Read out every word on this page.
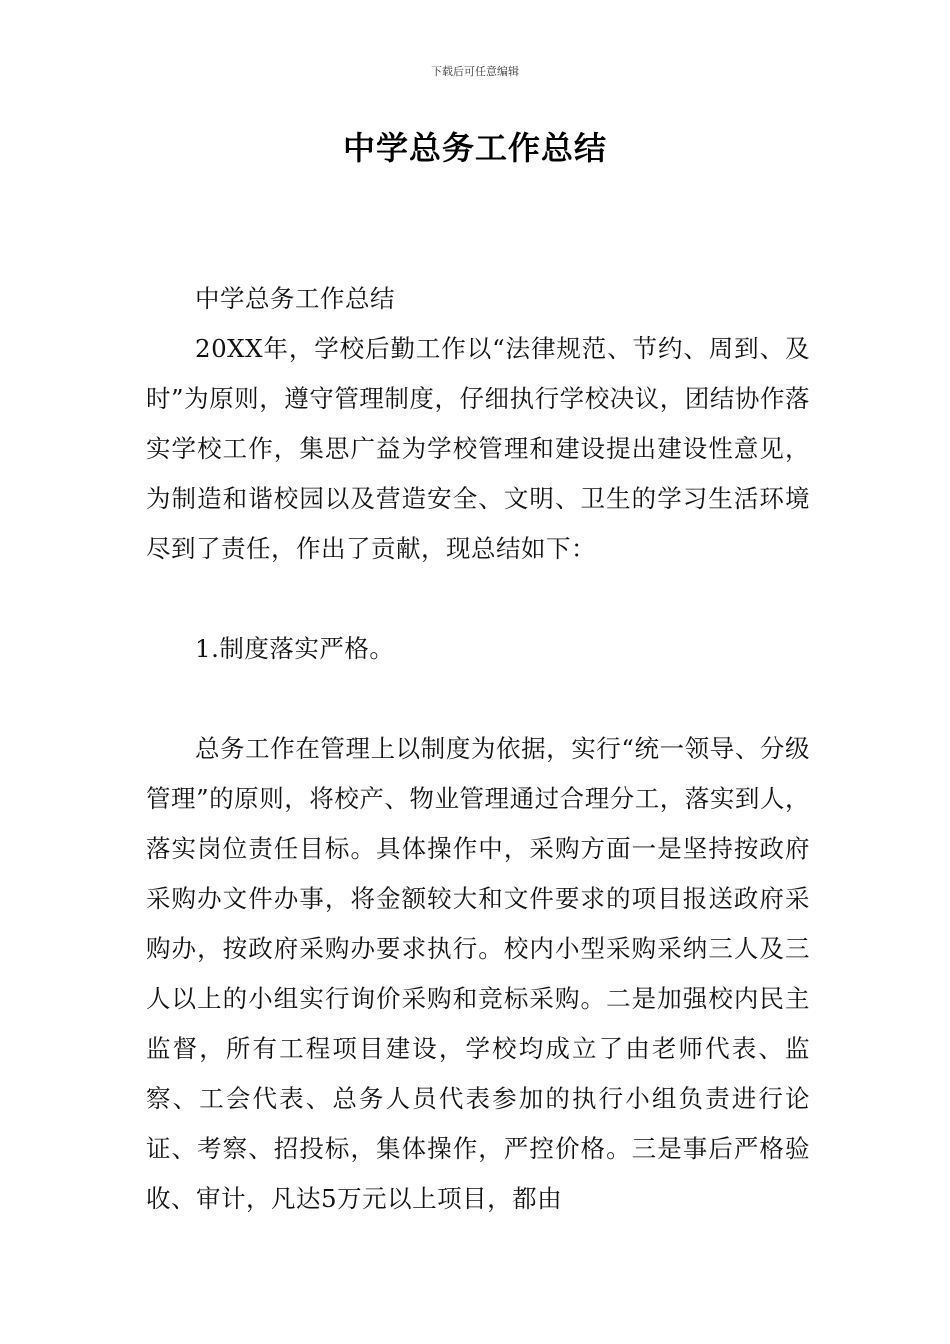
下载后可任意编辑
中学总务工作总结

中学总务工作总结

20XX年，学校后勤工作以“法律规范、节约、周到、及时”为原则，遵守管理制度，仔细执行学校决议，团结协作落实学校工作，集思广益为学校管理和建设提出建设性意见，为制造和谐校园以及营造安全、文明、卫生的学习生活环境尽到了责任，作出了贡献，现总结如下：

1.制度落实严格。

总务工作在管理上以制度为依据，实行“统一领导、分级管理”的原则，将校产、物业管理通过合理分工，落实到人，落实岗位责任目标。具体操作中，采购方面一是坚持按政府采购办文件办事，将金额较大和文件要求的项目报送政府采购办，按政府采购办要求执行。校内小型采购采纳三人及三人以上的小组实行询价采购和竞标采购。二是加强校内民主监督，所有工程项目建设，学校均成立了由老师代表、监察、工会代表、总务人员代表参加的执行小组负责进行论证、考察、招投标，集体操作，严控价格。三是事后严格验收、审计，凡达5万元以上项目，都由
